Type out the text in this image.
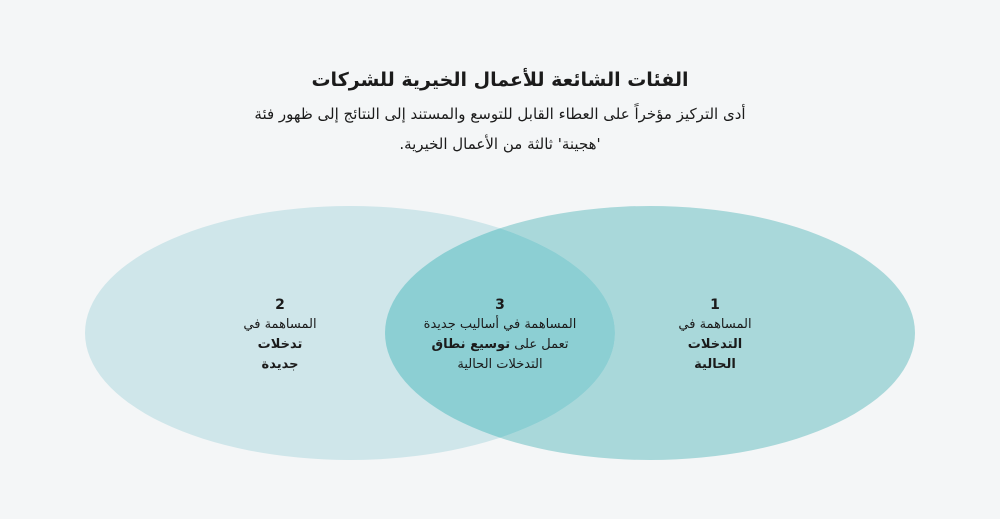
الفئات الشائعة للأعمال الخيرية للشركات

أدى التركيز مؤخراً على العطاء القابل للتوسع والمستند إلى النتائج إلى ظهور فئة 'هجينة' ثالثة من الأعمال الخيرية.

2
المساهمة في
تدخلات
جديدة
3
المساهمة في أساليب جديدة
تعمل على توسيع نطاق
التدخلات الحالية
1
المساهمة في
التدخلات
الحالية
